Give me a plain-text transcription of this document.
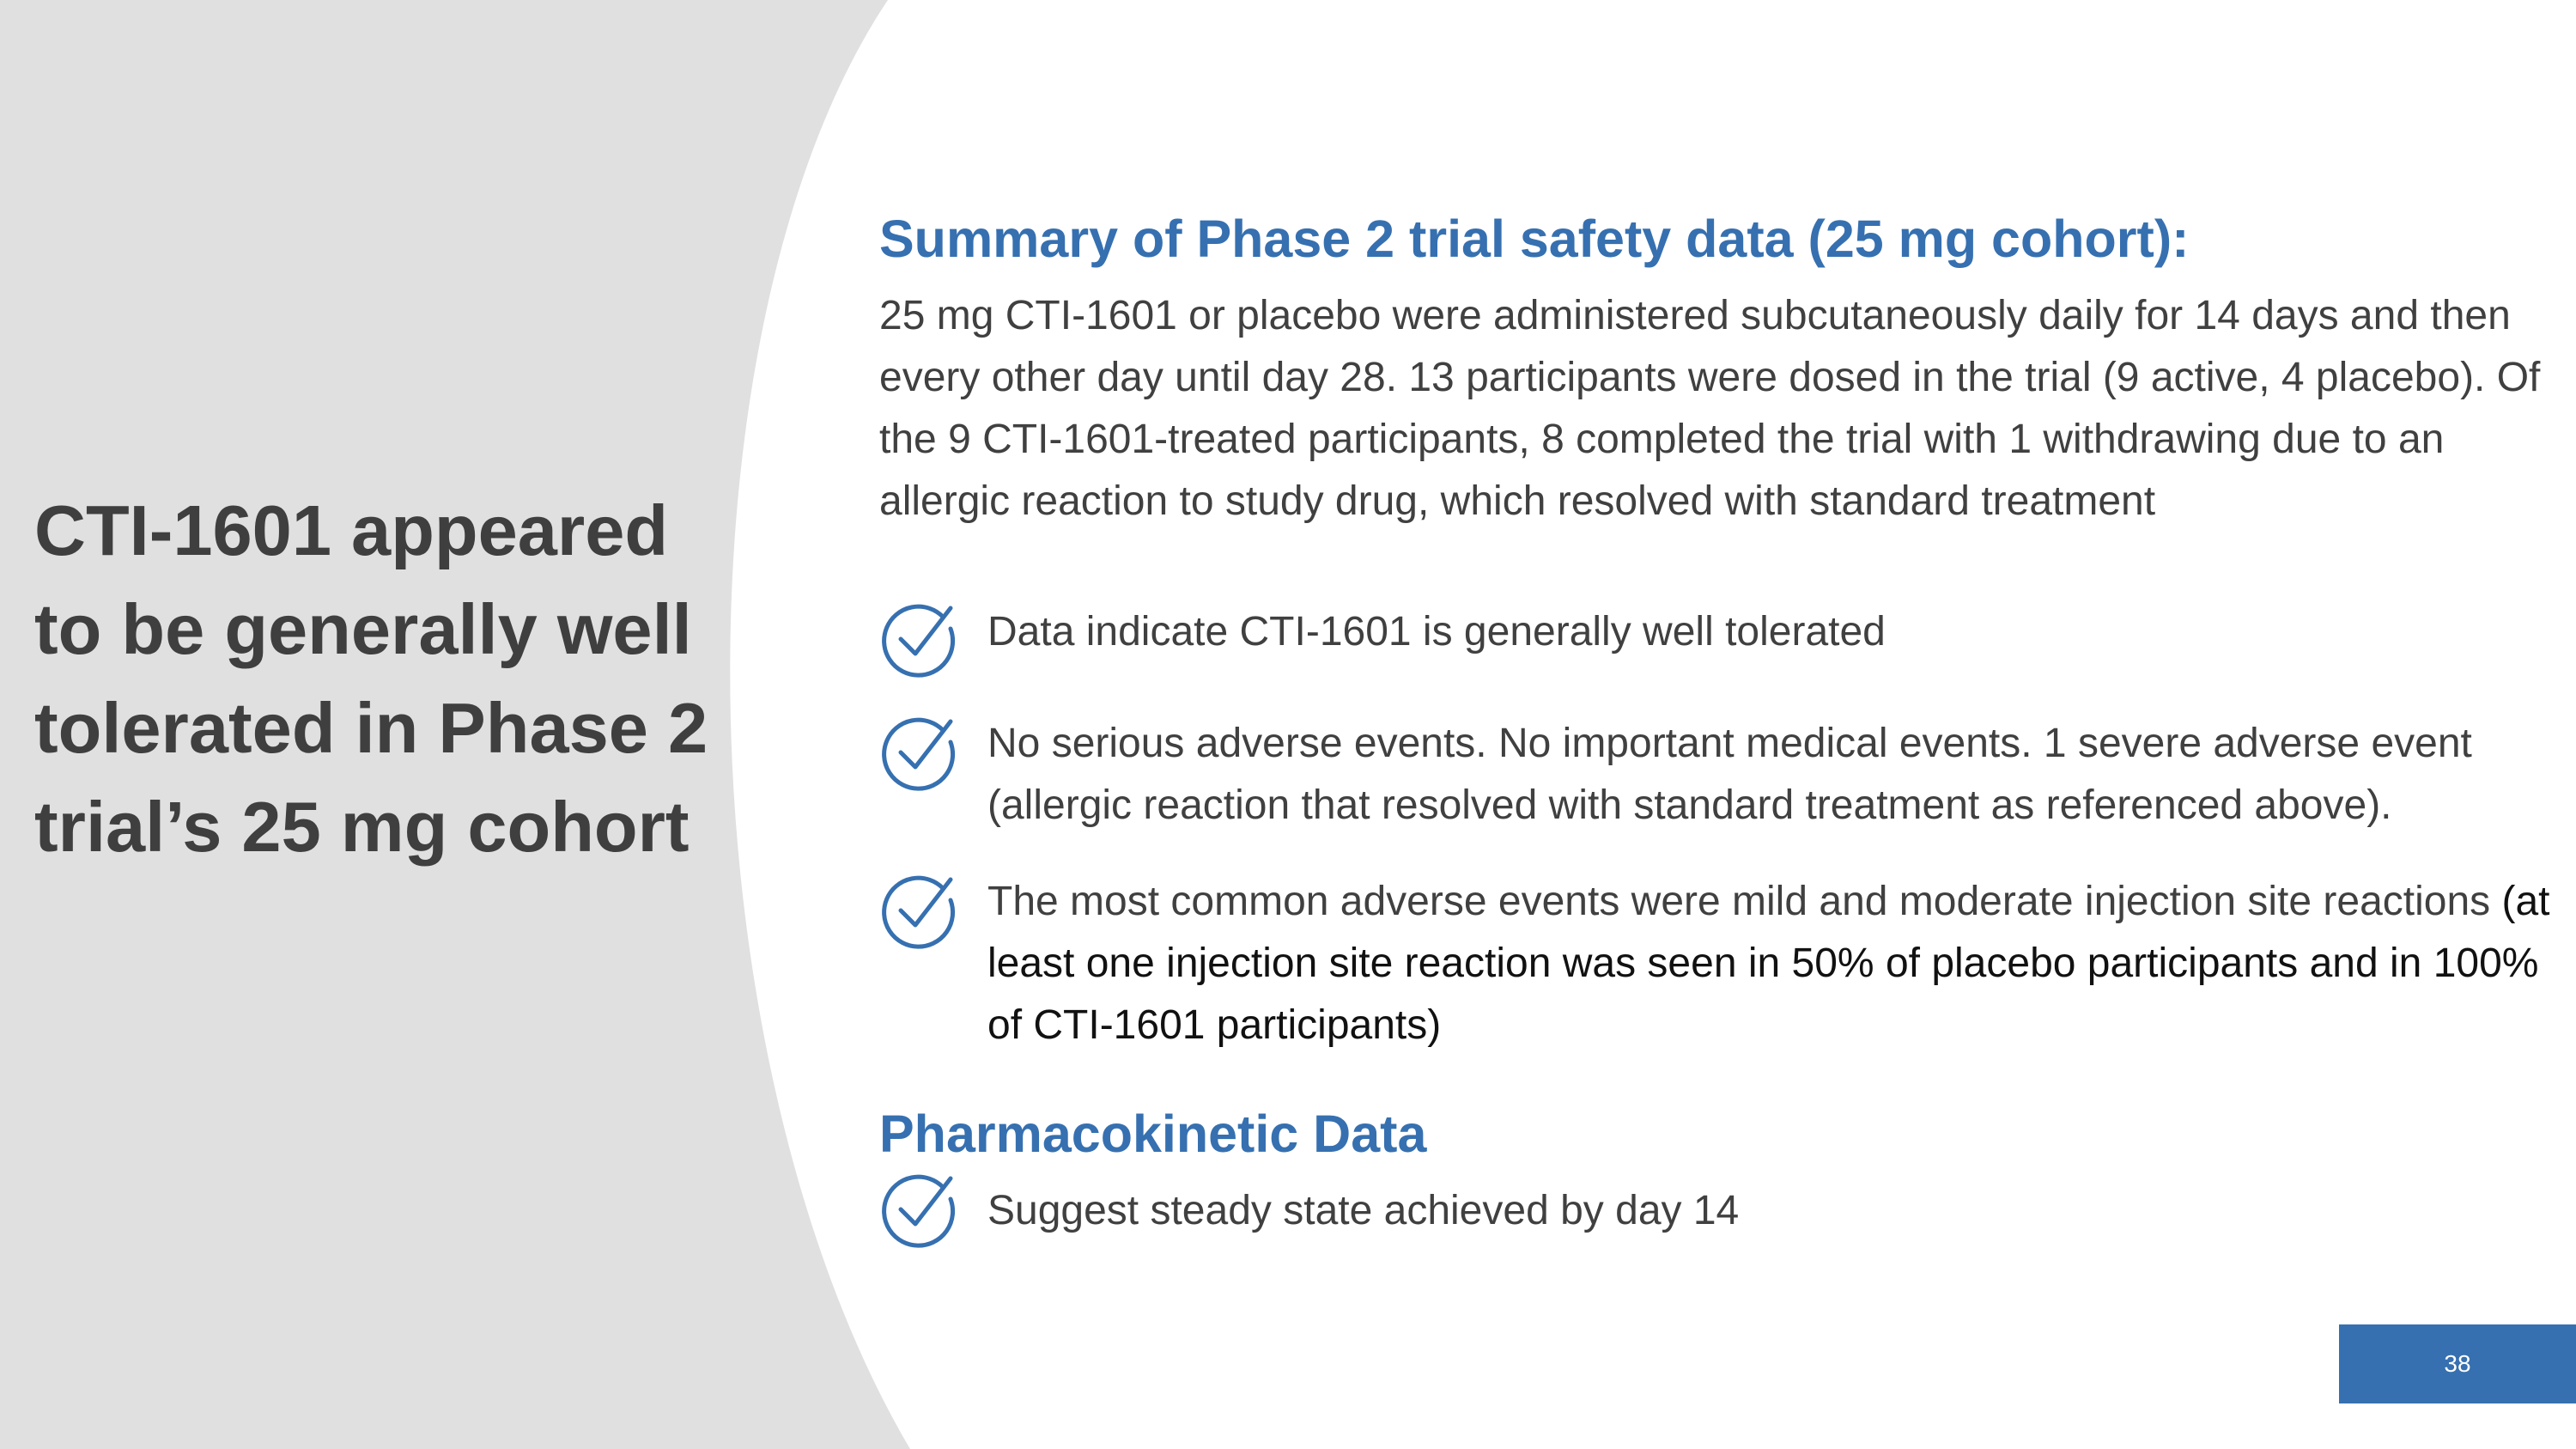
CTI-1601 appeared to be generally well tolerated in Phase 2 trial’s 25 mg cohort
Summary of Phase 2 trial safety data (25 mg cohort):

25 mg CTI-1601 or placebo were administered subcutaneously daily for 14 days and then every other day until day 28. 13 participants were dosed in the trial (9 active, 4 placebo). Of the 9 CTI-1601-treated participants, 8 completed the trial with 1 withdrawing due to an allergic reaction to study drug, which resolved with standard treatment

Data indicate CTI-1601 is generally well tolerated

No serious adverse events. No important medical events. 1 severe adverse event (allergic reaction that resolved with standard treatment as referenced above).

The most common adverse events were mild and moderate injection site reactions (at least one injection site reaction was seen in 50% of placebo participants and in 100% of CTI-1601 participants)

Pharmacokinetic Data

Suggest steady state achieved by day 14

38
